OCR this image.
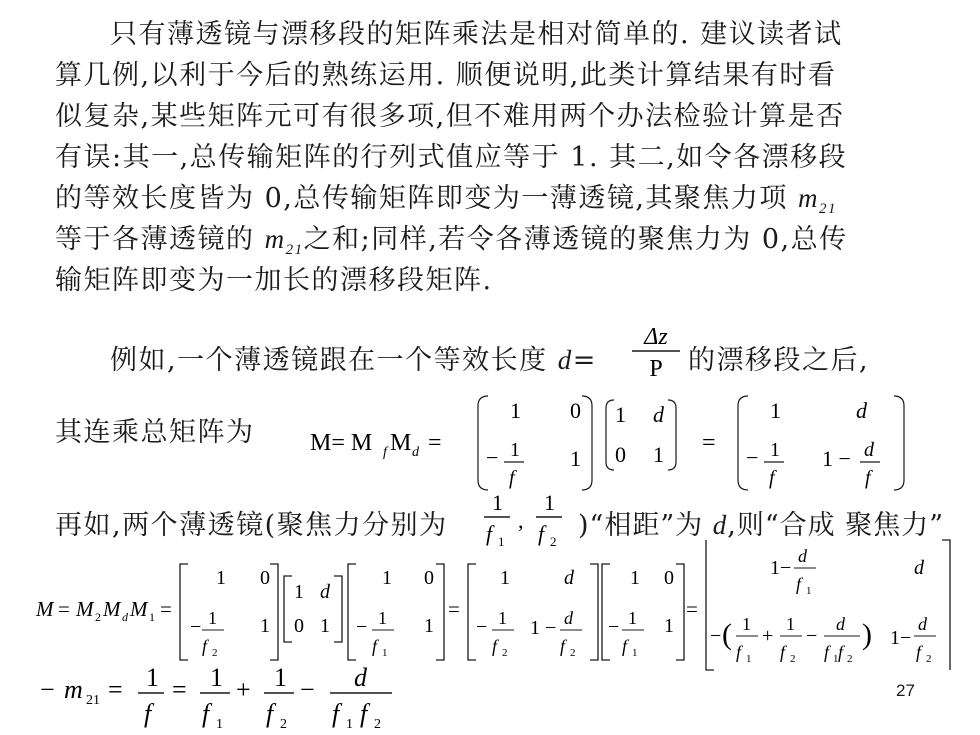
只有薄透镜与漂移段的矩阵乘法是相对简单的. 建议读者试
算几例,以利于今后的熟练运用. 顺便说明,此类计算结果有时看
似复杂,某些矩阵元可有很多项,但不难用两个办法检验计算是否
有误:其一,总传输矩阵的行列式值应等于 1. 其二,如令各漂移段
的等效长度皆为 0,总传输矩阵即变为一薄透镜,其聚焦力项 $m_{21}$
等于各薄透镜的 $m_{21}$之和;同样,若令各薄透镜的聚焦力为 0,总传
输矩阵即变为一加长的漂移段矩阵.
例如,一个薄透镜跟在一个等效长度 d=
Δz
P 的漂移段之后,
其连乘总矩阵为 M= M f M d =
1 0
− 1
f
1
1 d
0 1 =
1	d
− 1
f
1 − d
f
再如,两个薄透镜(聚焦力分别为
1
f 1
,
1
f 2
)“相距”为 d,则“合成 聚焦力”
M = M 2 M d M 1 =
1 0
− 1
f 2
1
1 d
0 1
1 0
− 1
f 1
1
=
1	d
− 1
f 2
1 − d
f 2
1 0
− 1
f 1
1
=
1−
d
f 1
d
− ( 1
f 1
+
1
f 2
−
d
f 1 f 2
) 1−
d
f 2
− m 21 = 1
f
= 1
f 1
+ 1
f 2
− d
f 1 f 2
27
